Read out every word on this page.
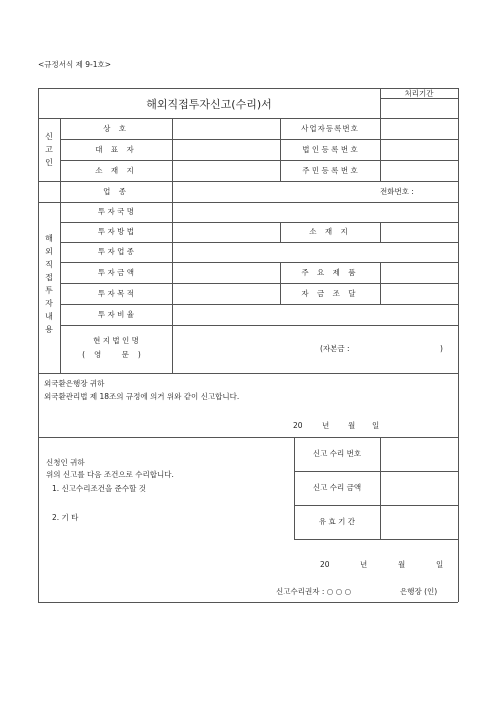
<규정서식 제 9-1호>
해외직접투자신고(수리)서
처리기간
신
고
인
상 호	사업자등록번호
대 표 자	법 인 등 록 번 호
소 재 지	주 민 등 록 번 호
업 종	전화번호 :
해
외
직
접
투
자
내
용
투 자 국 명
투 자 방 법	소 재 지
투 자 업 종
투 자 금 액	주 요 제 품
투 자 목 적	자 금 조 달
투 자 비 율
현 지 법 인 명
(영 문)
(자본금 :	)
외국환은행장 귀하
외국환관리법 제 18조의 규정에 의거 위와 같이 신고합니다.
20	년	월 일
신청인 귀하
위의 신고를 다음 조건으로 수리합니다.
1. 신고수리조건을 준수할 것
2. 기 타
신고 수리 번호
신고 수리 금액
유 효 기 간
20	년	월	일
신고수리권자 : ○ ○ ○	은행장 (인)
